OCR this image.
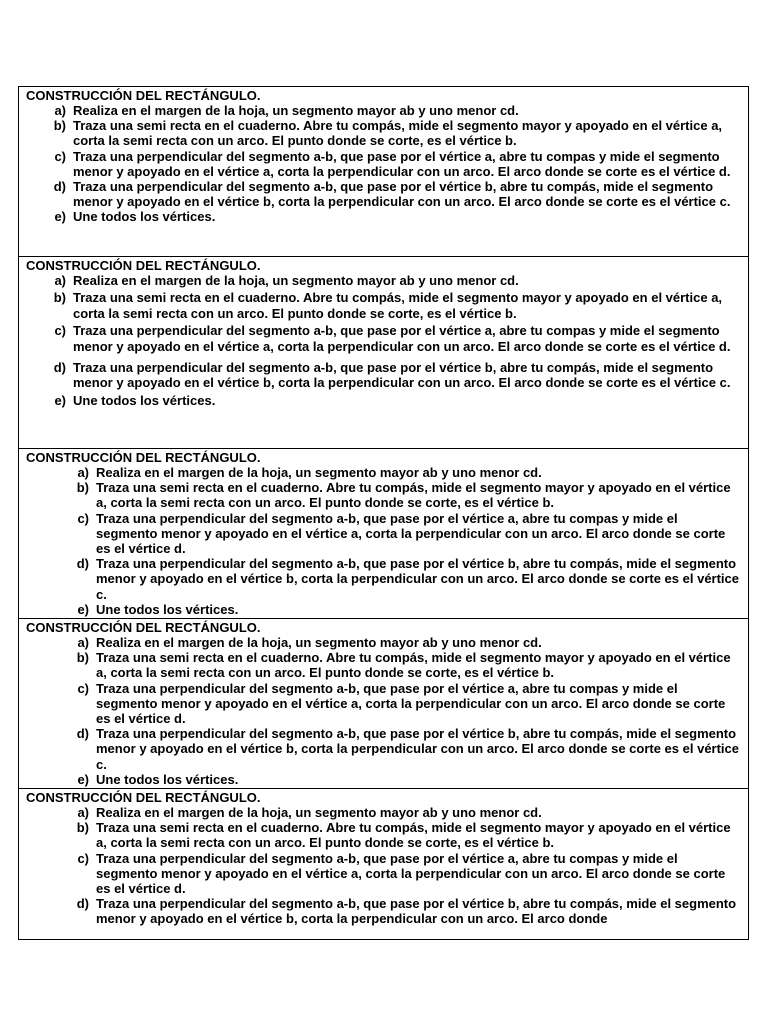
CONSTRUCCIÓN DEL RECTÁNGULO.

a) Realiza en el margen de la hoja, un segmento mayor ab y uno menor cd.
b) Traza una semi recta en el cuaderno. Abre tu compás, mide el segmento mayor y apoyado en el vértice a, corta la semi recta con un arco. El punto donde se corte, es el vértice b.
c) Traza una perpendicular del segmento a-b, que pase por el vértice a, abre tu compas y mide el segmento menor y apoyado en el vértice a, corta la perpendicular con un arco. El arco donde se corte es el vértice d.
d) Traza una perpendicular del segmento a-b, que pase por el vértice b, abre tu compás, mide el segmento menor y apoyado en el vértice b, corta la perpendicular con un arco. El arco donde se corte es el vértice c.
e) Une todos los vértices.

CONSTRUCCIÓN DEL RECTÁNGULO.

a) Realiza en el margen de la hoja, un segmento mayor ab y uno menor cd.
b) Traza una semi recta en el cuaderno. Abre tu compás, mide el segmento mayor y apoyado en el vértice a, corta la semi recta con un arco. El punto donde se corte, es el vértice b.
c) Traza una perpendicular del segmento a-b, que pase por el vértice a, abre tu compas y mide el segmento menor y apoyado en el vértice a, corta la perpendicular con un arco. El arco donde se corte es el vértice d.
d) Traza una perpendicular del segmento a-b, que pase por el vértice b, abre tu compás, mide el segmento menor y apoyado en el vértice b, corta la perpendicular con un arco. El arco donde se corte es el vértice c.
e) Une todos los vértices.

CONSTRUCCIÓN DEL RECTÁNGULO.

a) Realiza en el margen de la hoja, un segmento mayor ab y uno menor cd.
b) Traza una semi recta en el cuaderno. Abre tu compás, mide el segmento mayor y apoyado en el vértice a, corta la semi recta con un arco. El punto donde se corte, es el vértice b.
c) Traza una perpendicular del segmento a-b, que pase por el vértice a, abre tu compas y mide el segmento menor y apoyado en el vértice a, corta la perpendicular con un arco. El arco donde se corte es el vértice d.
d) Traza una perpendicular del segmento a-b, que pase por el vértice b, abre tu compás, mide el segmento menor y apoyado en el vértice b, corta la perpendicular con un arco. El arco donde se corte es el vértice c.
e) Une todos los vértices.

CONSTRUCCIÓN DEL RECTÁNGULO.

a) Realiza en el margen de la hoja, un segmento mayor ab y uno menor cd.
b) Traza una semi recta en el cuaderno. Abre tu compás, mide el segmento mayor y apoyado en el vértice a, corta la semi recta con un arco. El punto donde se corte, es el vértice b.
c) Traza una perpendicular del segmento a-b, que pase por el vértice a, abre tu compas y mide el segmento menor y apoyado en el vértice a, corta la perpendicular con un arco. El arco donde se corte es el vértice d.
d) Traza una perpendicular del segmento a-b, que pase por el vértice b, abre tu compás, mide el segmento menor y apoyado en el vértice b, corta la perpendicular con un arco. El arco donde se corte es el vértice c.
e) Une todos los vértices.

CONSTRUCCIÓN DEL RECTÁNGULO.

a) Realiza en el margen de la hoja, un segmento mayor ab y uno menor cd.
b) Traza una semi recta en el cuaderno. Abre tu compás, mide el segmento mayor y apoyado en el vértice a, corta la semi recta con un arco. El punto donde se corte, es el vértice b.
c) Traza una perpendicular del segmento a-b, que pase por el vértice a, abre tu compas y mide el segmento menor y apoyado en el vértice a, corta la perpendicular con un arco. El arco donde se corte es el vértice d.
d) Traza una perpendicular del segmento a-b, que pase por el vértice b, abre tu compás, mide el segmento menor y apoyado en el vértice b, corta la perpendicular con un arco. El arco donde
